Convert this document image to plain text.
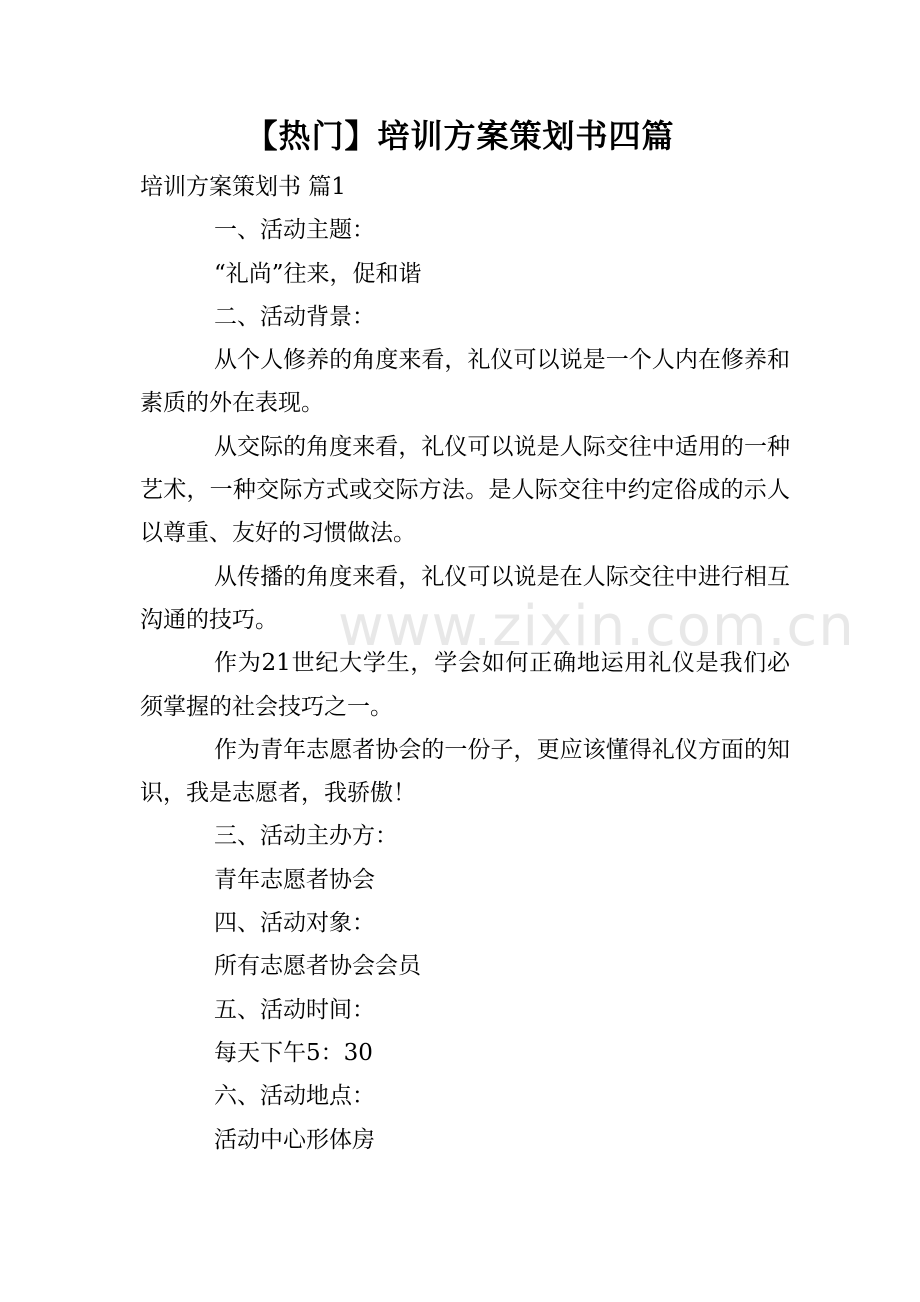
【热门】培训方案策划书四篇

培训方案策划书 篇1

一、活动主题：

“礼尚”往来，促和谐

二、活动背景：

从个人修养的角度来看，礼仪可以说是一个人内在修养和素质的外在表现。

从交际的角度来看，礼仪可以说是人际交往中适用的一种艺术，一种交际方式或交际方法。是人际交往中约定俗成的示人以尊重、友好的习惯做法。

从传播的角度来看，礼仪可以说是在人际交往中进行相互沟通的技巧。

作为21世纪大学生，学会如何正确地运用礼仪是我们必须掌握的社会技巧之一。

作为青年志愿者协会的一份子，更应该懂得礼仪方面的知识，我是志愿者，我骄傲！

三、活动主办方：

青年志愿者协会

四、活动对象：

所有志愿者协会会员

五、活动时间：

每天下午5：30

六、活动地点：

活动中心形体房

www.zixin.com.cn
